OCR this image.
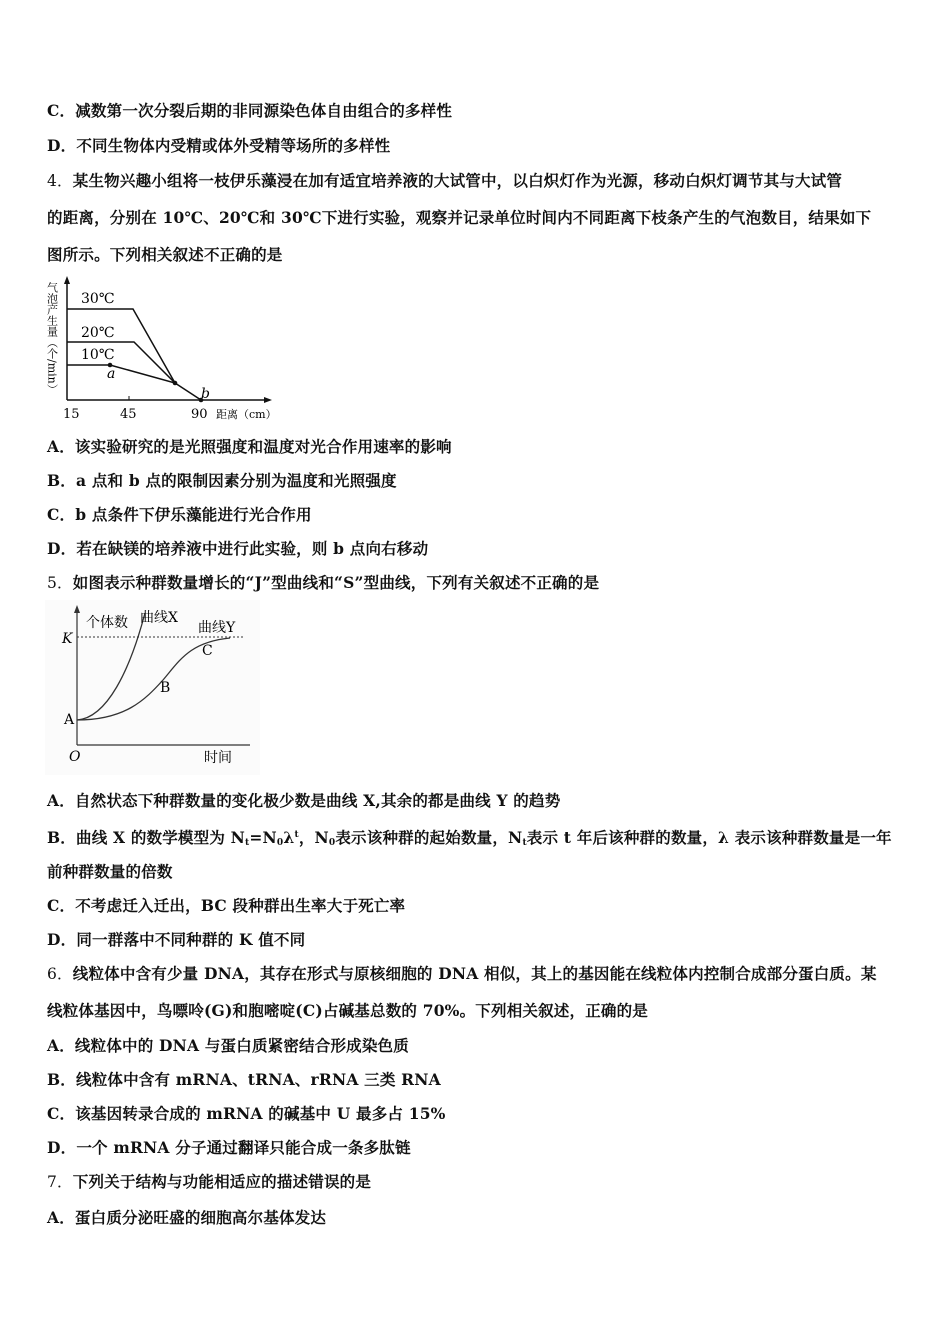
C．减数第一次分裂后期的非同源染色体自由组合的多样性
D．不同生物体内受精或体外受精等场所的多样性
4．某生物兴趣小组将一枝伊乐藻浸在加有适宜培养液的大试管中，以白炽灯作为光源，移动白炽灯调节其与大试管
的距离，分别在 10℃、20℃和 30℃下进行实验，观察并记录单位时间内不同距离下枝条产生的气泡数目，结果如下
图所示。下列相关叙述不正确的是
气泡产生量（个/min） 30℃
20℃
10℃
a
b
15	45	90 距离（cm）
A．该实验研究的是光照强度和温度对光合作用速率的影响
B．a 点和 b 点的限制因素分别为温度和光照强度
C．b 点条件下伊乐藻能进行光合作用
D．若在缺镁的培养液中进行此实验，则 b 点向右移动
5．如图表示种群数量增长的“J”型曲线和“S”型曲线，下列有关叙述不正确的是
个体数 曲线X
曲线Y
K
A
B
C
O	时间
A．自然状态下种群数量的变化极少数是曲线 X,其余的都是曲线 Y 的趋势
B．曲线 X 的数学模型为 $N_t=N_0\lambda^t$，$N_0$表示该种群的起始数量，$N_t$表示 t 年后该种群的数量，λ 表示该种群数量是一年
前种群数量的倍数
C．不考虑迁入迁出，BC 段种群出生率大于死亡率
D．同一群落中不同种群的 K 值不同
6．线粒体中含有少量 DNA，其存在形式与原核细胞的 DNA 相似，其上的基因能在线粒体内控制合成部分蛋白质。某
线粒体基因中，鸟嘌呤(G)和胞嘧啶(C)占碱基总数的 70%。下列相关叙述，正确的是
A．线粒体中的 DNA 与蛋白质紧密结合形成染色质
B．线粒体中含有 mRNA、tRNA、rRNA 三类 RNA
C．该基因转录合成的 mRNA 的碱基中 U 最多占 15%
D．一个 mRNA 分子通过翻译只能合成一条多肽链
7．下列关于结构与功能相适应的描述错误的是
A．蛋白质分泌旺盛的细胞高尔基体发达
